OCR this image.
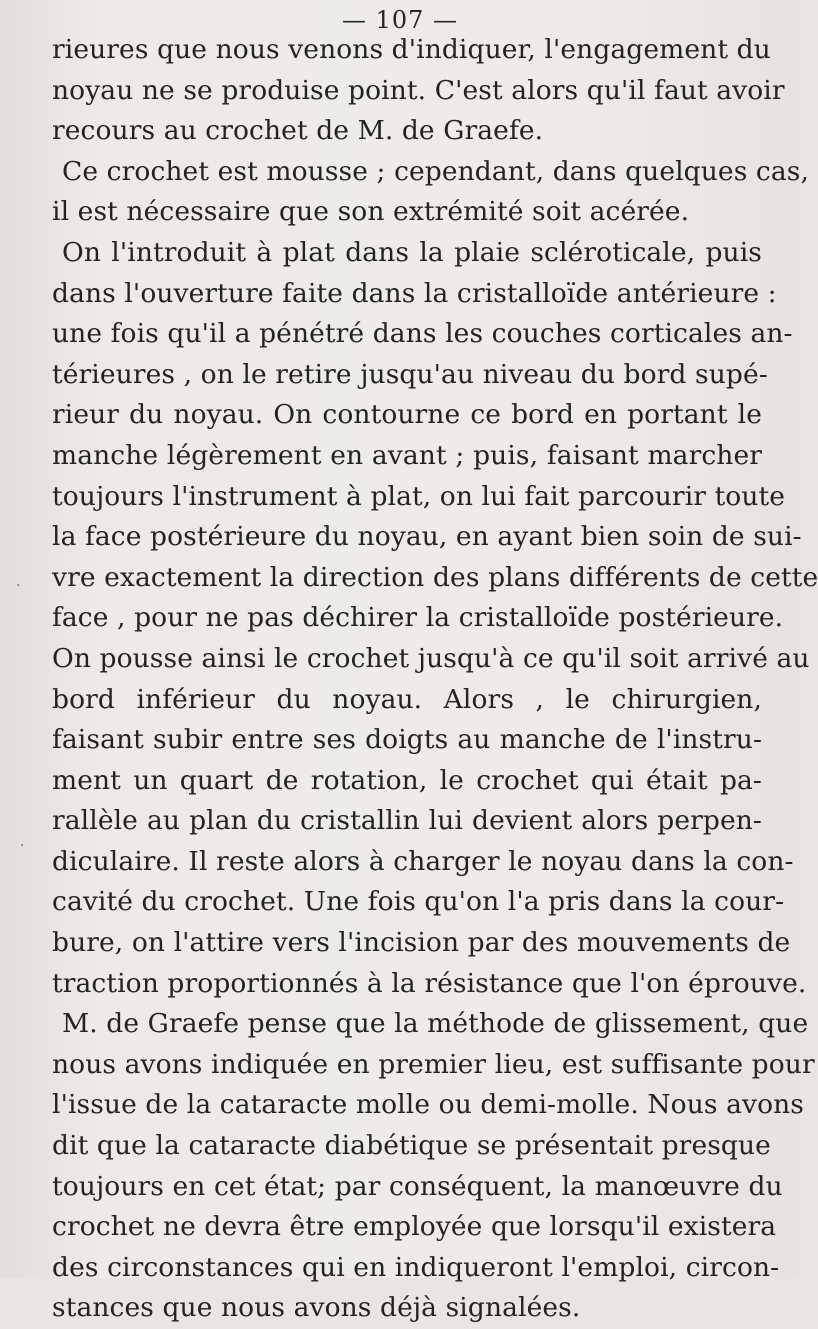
— 107 —
·
·
rieures que nous venons d'indiquer, l'engagement du
noyau ne se produise point. C'est alors qu'il faut avoir
recours au crochet de M. de Graefe.
Ce crochet est mousse ; cependant, dans quelques cas,
il est nécessaire que son extrémité soit acérée.
On l'introduit à plat dans la plaie scléroticale, puis
dans l'ouverture faite dans la cristalloïde antérieure :
une fois qu'il a pénétré dans les couches corticales an-
térieures , on le retire jusqu'au niveau du bord supé-
rieur du noyau. On contourne ce bord en portant le
manche légèrement en avant ; puis, faisant marcher
toujours l'instrument à plat, on lui fait parcourir toute
la face postérieure du noyau, en ayant bien soin de sui-
vre exactement la direction des plans différents de cette
face , pour ne pas déchirer la cristalloïde postérieure.
On pousse ainsi le crochet jusqu'à ce qu'il soit arrivé au
bord inférieur du noyau. Alors , le chirurgien,
faisant subir entre ses doigts au manche de l'instru-
ment un quart de rotation, le crochet qui était pa-
rallèle au plan du cristallin lui devient alors perpen-
diculaire. Il reste alors à charger le noyau dans la con-
cavité du crochet. Une fois qu'on l'a pris dans la cour-
bure, on l'attire vers l'incision par des mouvements de
traction proportionnés à la résistance que l'on éprouve.
M. de Graefe pense que la méthode de glissement, que
nous avons indiquée en premier lieu, est suffisante pour
l'issue de la cataracte molle ou demi-molle. Nous avons
dit que la cataracte diabétique se présentait presque
toujours en cet état; par conséquent, la manœuvre du
crochet ne devra être employée que lorsqu'il existera
des circonstances qui en indiqueront l'emploi, circon-
stances que nous avons déjà signalées.
